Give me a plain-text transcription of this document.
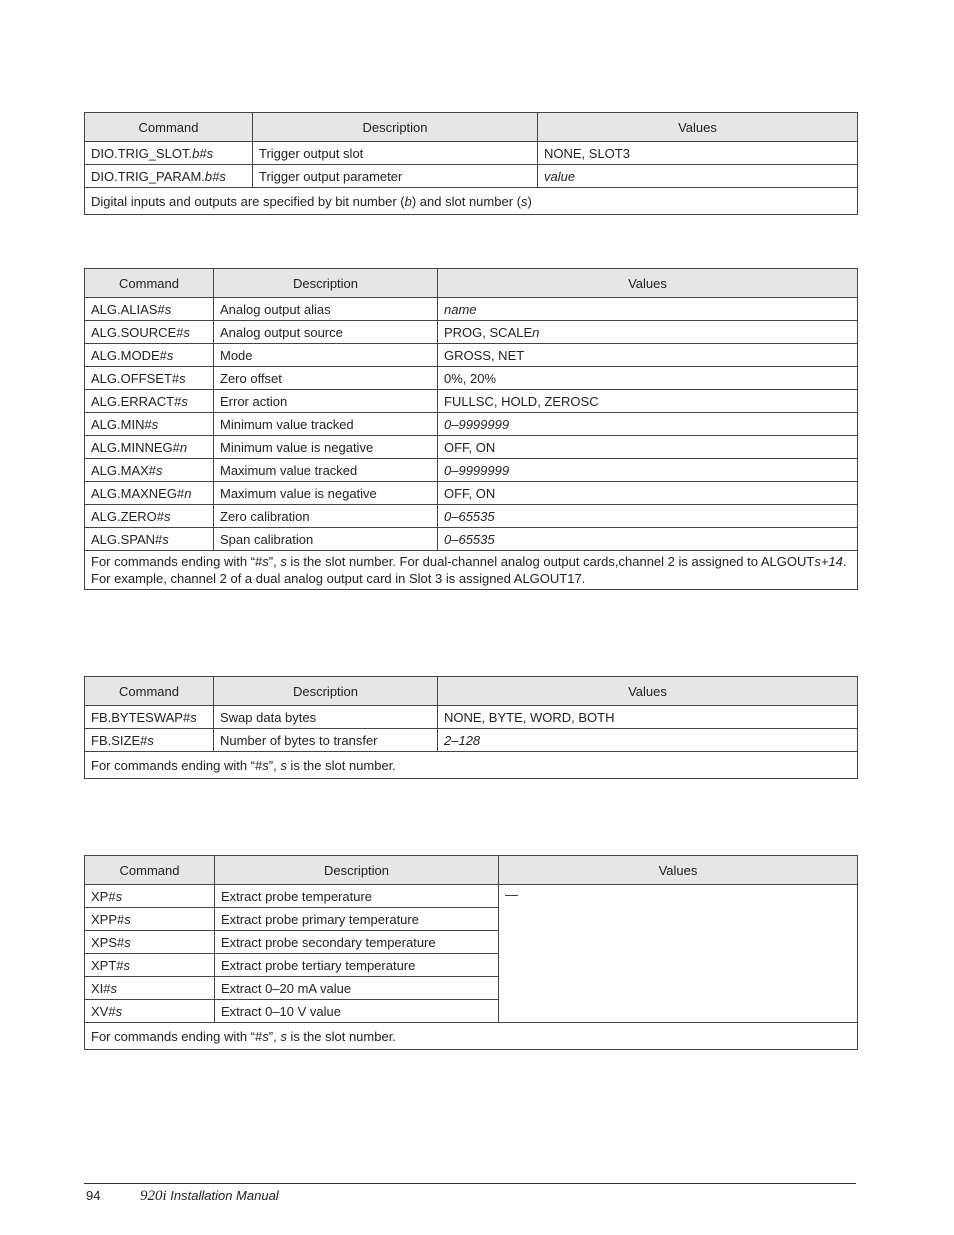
Command	Description	Values
DIO.TRIG_SLOT.b#s	Trigger output slot	NONE, SLOT3
DIO.TRIG_PARAM.b#s	Trigger output parameter	value
Digital inputs and outputs are specified by bit number (b) and slot number (s)		
Command	Description	Values
ALG.ALIAS#s	Analog output alias	name
ALG.SOURCE#s	Analog output source	PROG, SCALEn
ALG.MODE#s	Mode	GROSS, NET
ALG.OFFSET#s	Zero offset	0%, 20%
ALG.ERRACT#s	Error action	FULLSC, HOLD, ZEROSC
ALG.MIN#s	Minimum value tracked	0–9999999
ALG.MINNEG#n	Minimum value is negative	OFF, ON
ALG.MAX#s	Maximum value tracked	0–9999999
ALG.MAXNEG#n	Maximum value is negative	OFF, ON
ALG.ZERO#s	Zero calibration	0–65535
ALG.SPAN#s	Span calibration	0–65535
For commands ending with “#s”, s is the slot number. For dual-channel analog output cards,channel 2 is assigned to ALGOUTs+14. For example, channel 2 of a dual analog output card in Slot 3 is assigned ALGOUT17.		
Command	Description	Values
FB.BYTESWAP#s	Swap data bytes	NONE, BYTE, WORD, BOTH
FB.SIZE#s	Number of bytes to transfer	2–128
For commands ending with “#s”, s is the slot number.		
Command	Description	Values
XP#s	Extract probe temperature	—
XPP#s	Extract probe primary temperature	
XPS#s	Extract probe secondary temperature	
XPT#s	Extract probe tertiary temperature	
XI#s	Extract 0–20 mA value	
XV#s	Extract 0–10 V value	
For commands ending with “#s”, s is the slot number.		
94	920i Installation Manual
